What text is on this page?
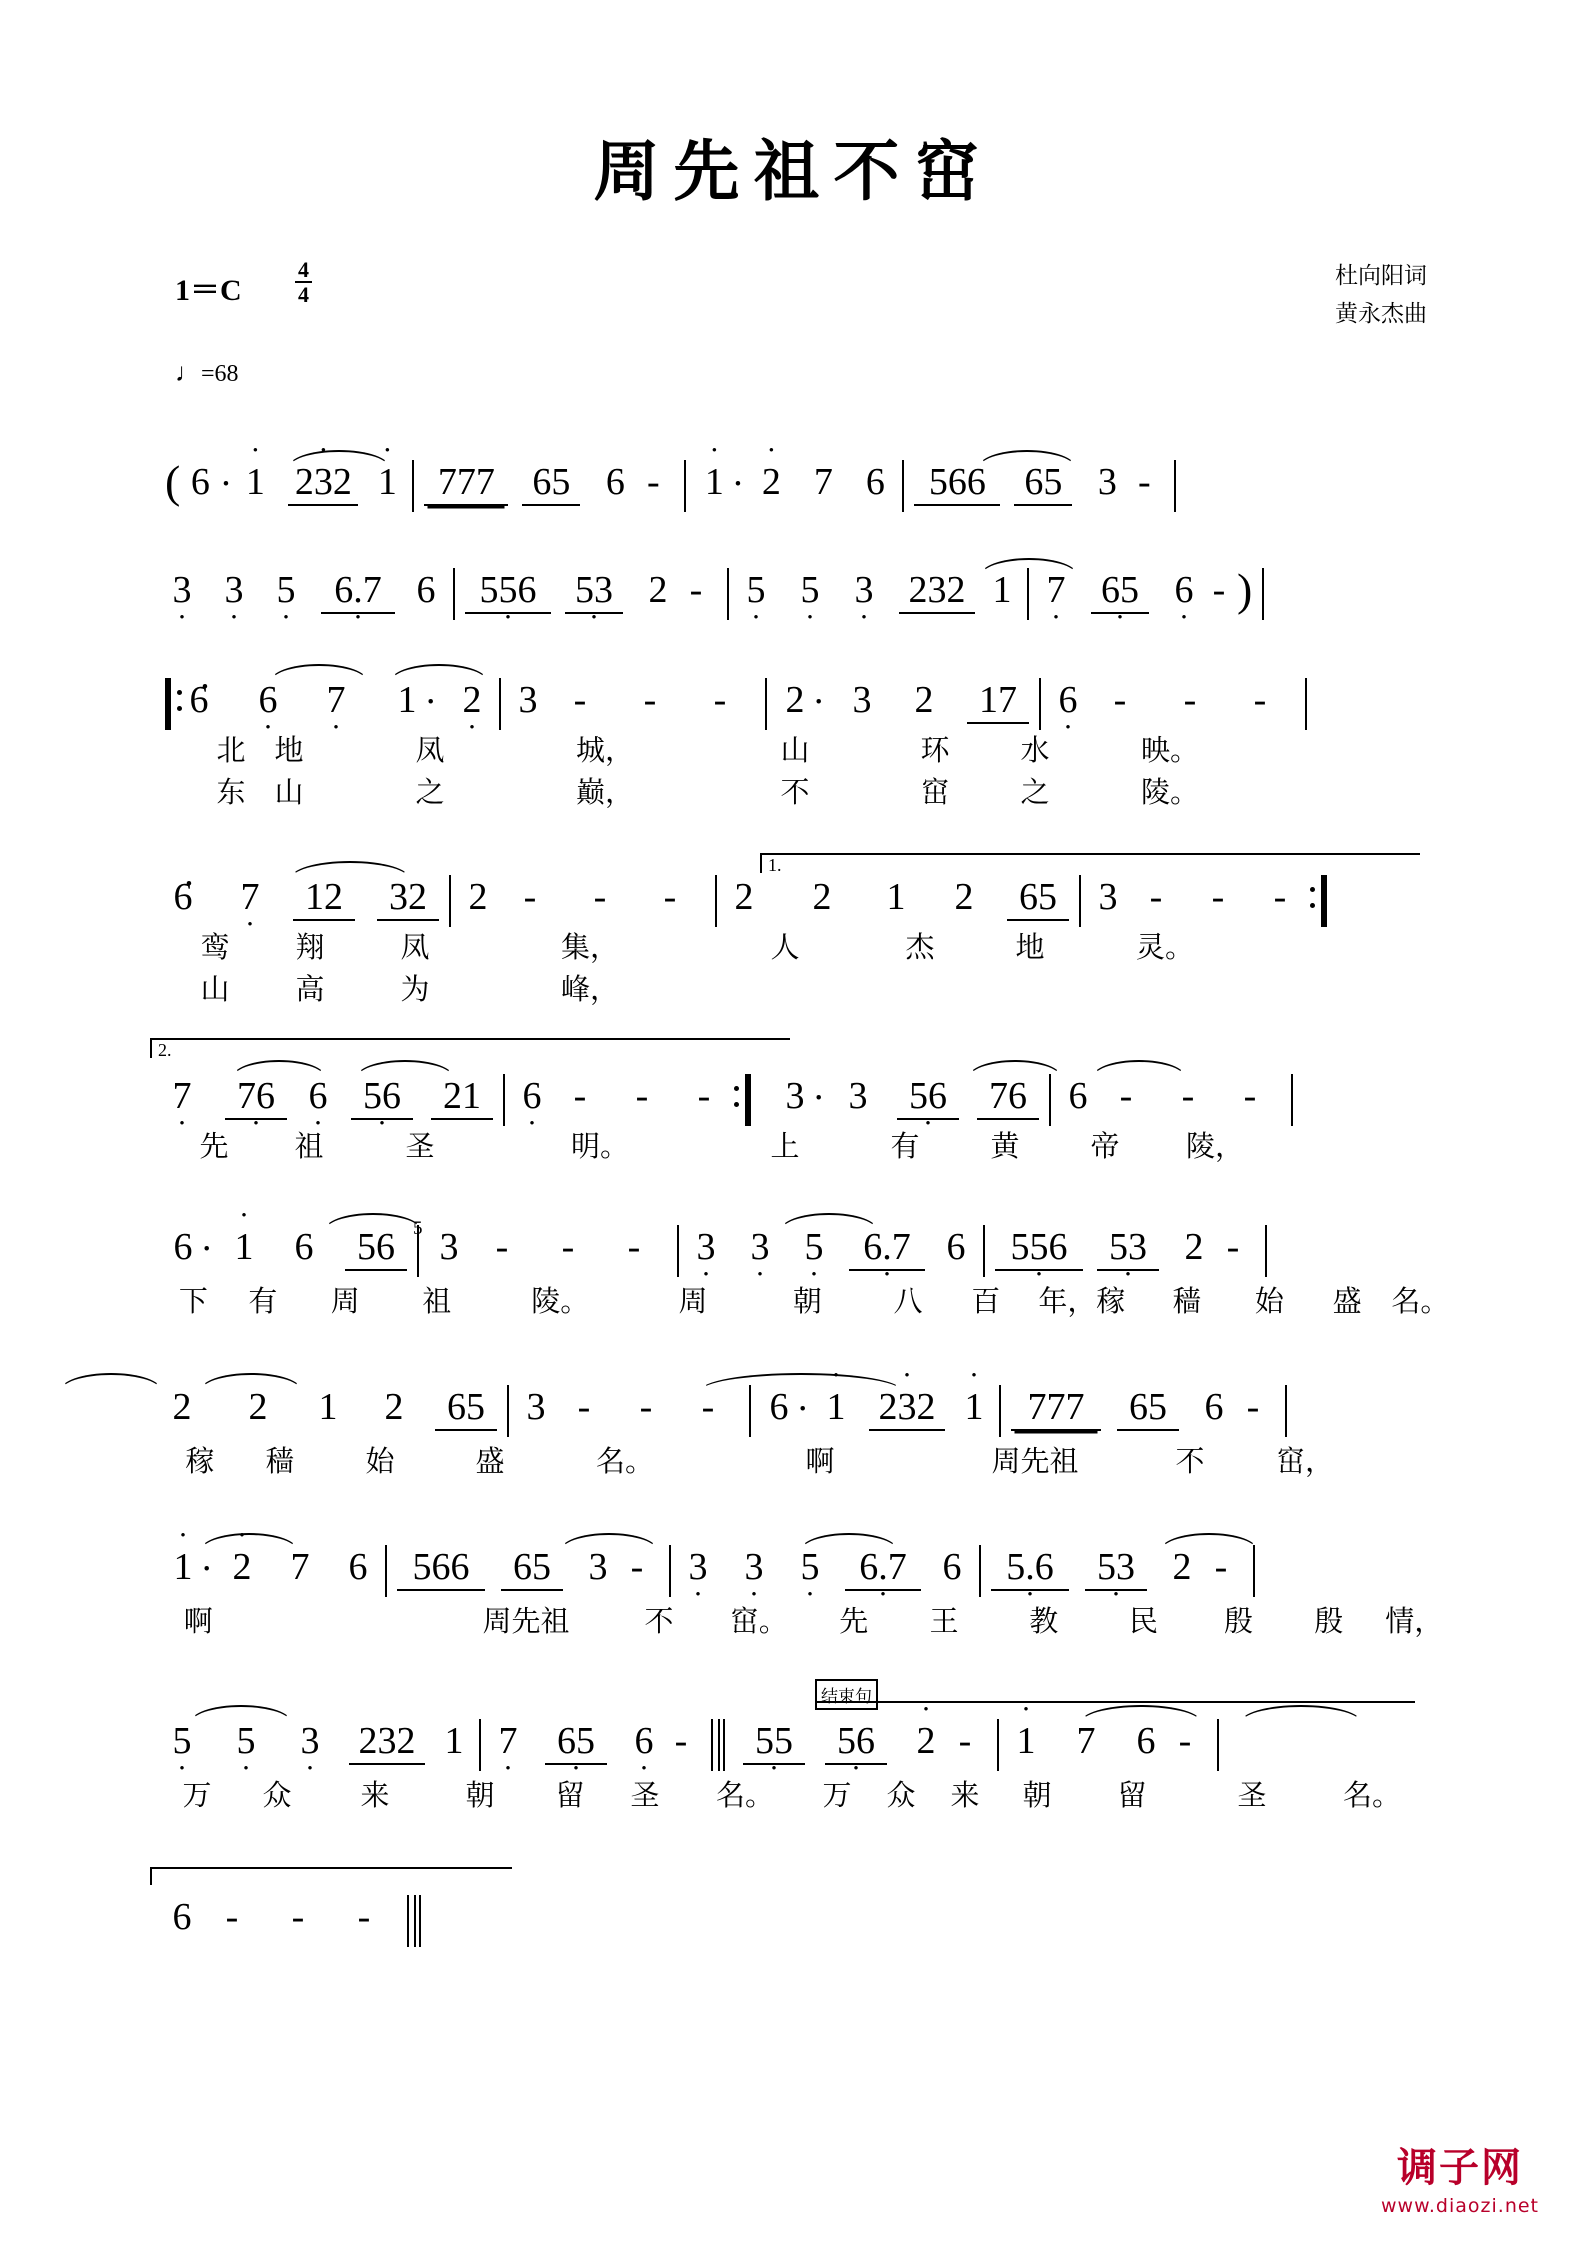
周先祖不窋
$1=C \frac{4}{4}$	杜向阳词
黄永杰曲
♩=68
( 6 · • 1 • 232 • 1	777 65 6 -	• 1 · • 2 7 6	566	65 3 -
3 • 3 • 5 •	6.7 • 6	556 •	53 • 2 -	5 • 5 • 3 • 232 1 7 • 65 • 6 • - )
6 · 6 • 7 • 1 · 2 • 3 -	-	-	2 · 3 2	17	6 • -	-	-
北　地	凤	城，	山	环	水	映。
东　山	之	巅，	不	窋	之	陵。
1.
6 · 7 •	12	32	2 -	-	-	2 2 1 2	65	3 -	-	-
鸾	翔	凤	集，	人	杰	地	灵。
山	高	为	峰，
2.
7 •	76 • 6 • 56 •	21	6 • -	-	-	3 · 3	56 •	76	6 -	-	-
先	祖	圣	明。	上	有	黄	帝	陵，
6 · • 1 6	56	3
5	-	-	-	3 • 3 • 5 •	6.7 • 6	556 •	53 • 2 -
下	有	周	祖	陵。	周	朝	八	百	年，稼	穑	始	盛	名。
2 2 1 2	65	3 -	-	-	6 · • 1 • 232 • 1	777	65 6 -
稼	穑	始	盛	名。	啊	周先祖	不	窋，
• 1 · • 2 7 6	566	65 3 -	3 • 3 • 5 •	6.7 • 6	5.6 •	53 • 2 -
啊
	周先祖	不	窋。	先	王	教	民	殷	殷	情，
结束句
5 • 5 • 3 • 232 1 7 •	65 •	6 • -	55 •	56 •	• 2 -	• 1 7 6 -
万	众	来	朝	留	圣	名。	万	众	来	朝	留	圣	名。
6 -	-	-
调子网
www.diaozi.net
